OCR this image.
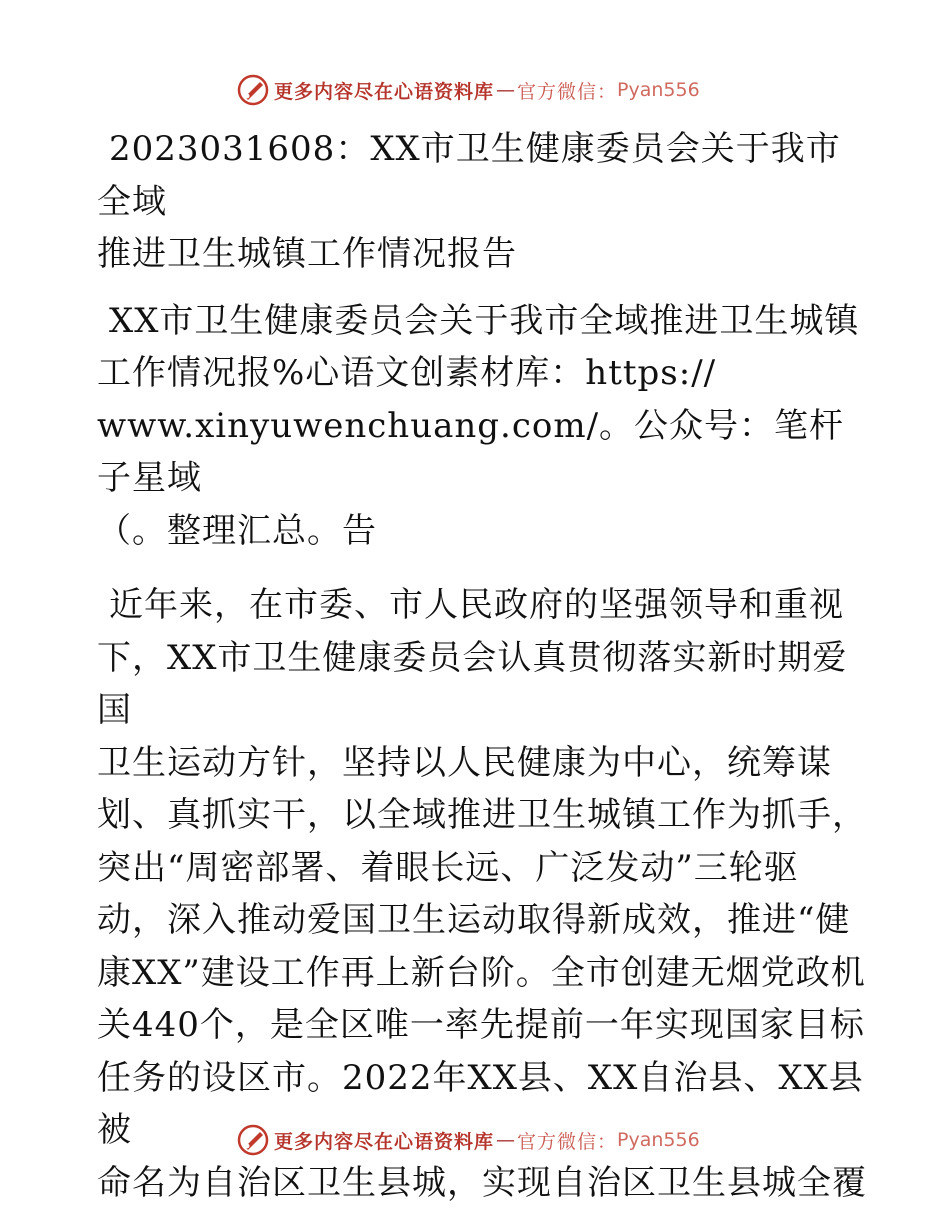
更多内容尽在心语资料库 — 官方微信 ： Pyan556

2023031608：XX市卫生健康委员会关于我市全域
推进卫生城镇工作情况报告

XX市卫生健康委员会关于我市全域推进卫生城镇
工作情况报%心语文创素材库：https://
www.xinyuwenchuang.com/。公众号：笔杆子星域
（。整理汇总。告

近年来，在市委、市人民政府的坚强领导和重视
下，XX市卫生健康委员会认真贯彻落实新时期爱国
卫生运动方针，坚持以人民健康为中心，统筹谋
划、真抓实干，以全域推进卫生城镇工作为抓手，
突出“周密部署、着眼长远、广泛发动”三轮驱
动，深入推动爱国卫生运动取得新成效，推进“健
康XX”建设工作再上新台阶。全市创建无烟党政机
关440个，是全区唯一率先提前一年实现国家目标
任务的设区市。2022年XX县、XX自治县、XX县被
命名为自治区卫生县城，实现自治区卫生县城全覆

更多内容尽在心语资料库 — 官方微信 ： Pyan556
